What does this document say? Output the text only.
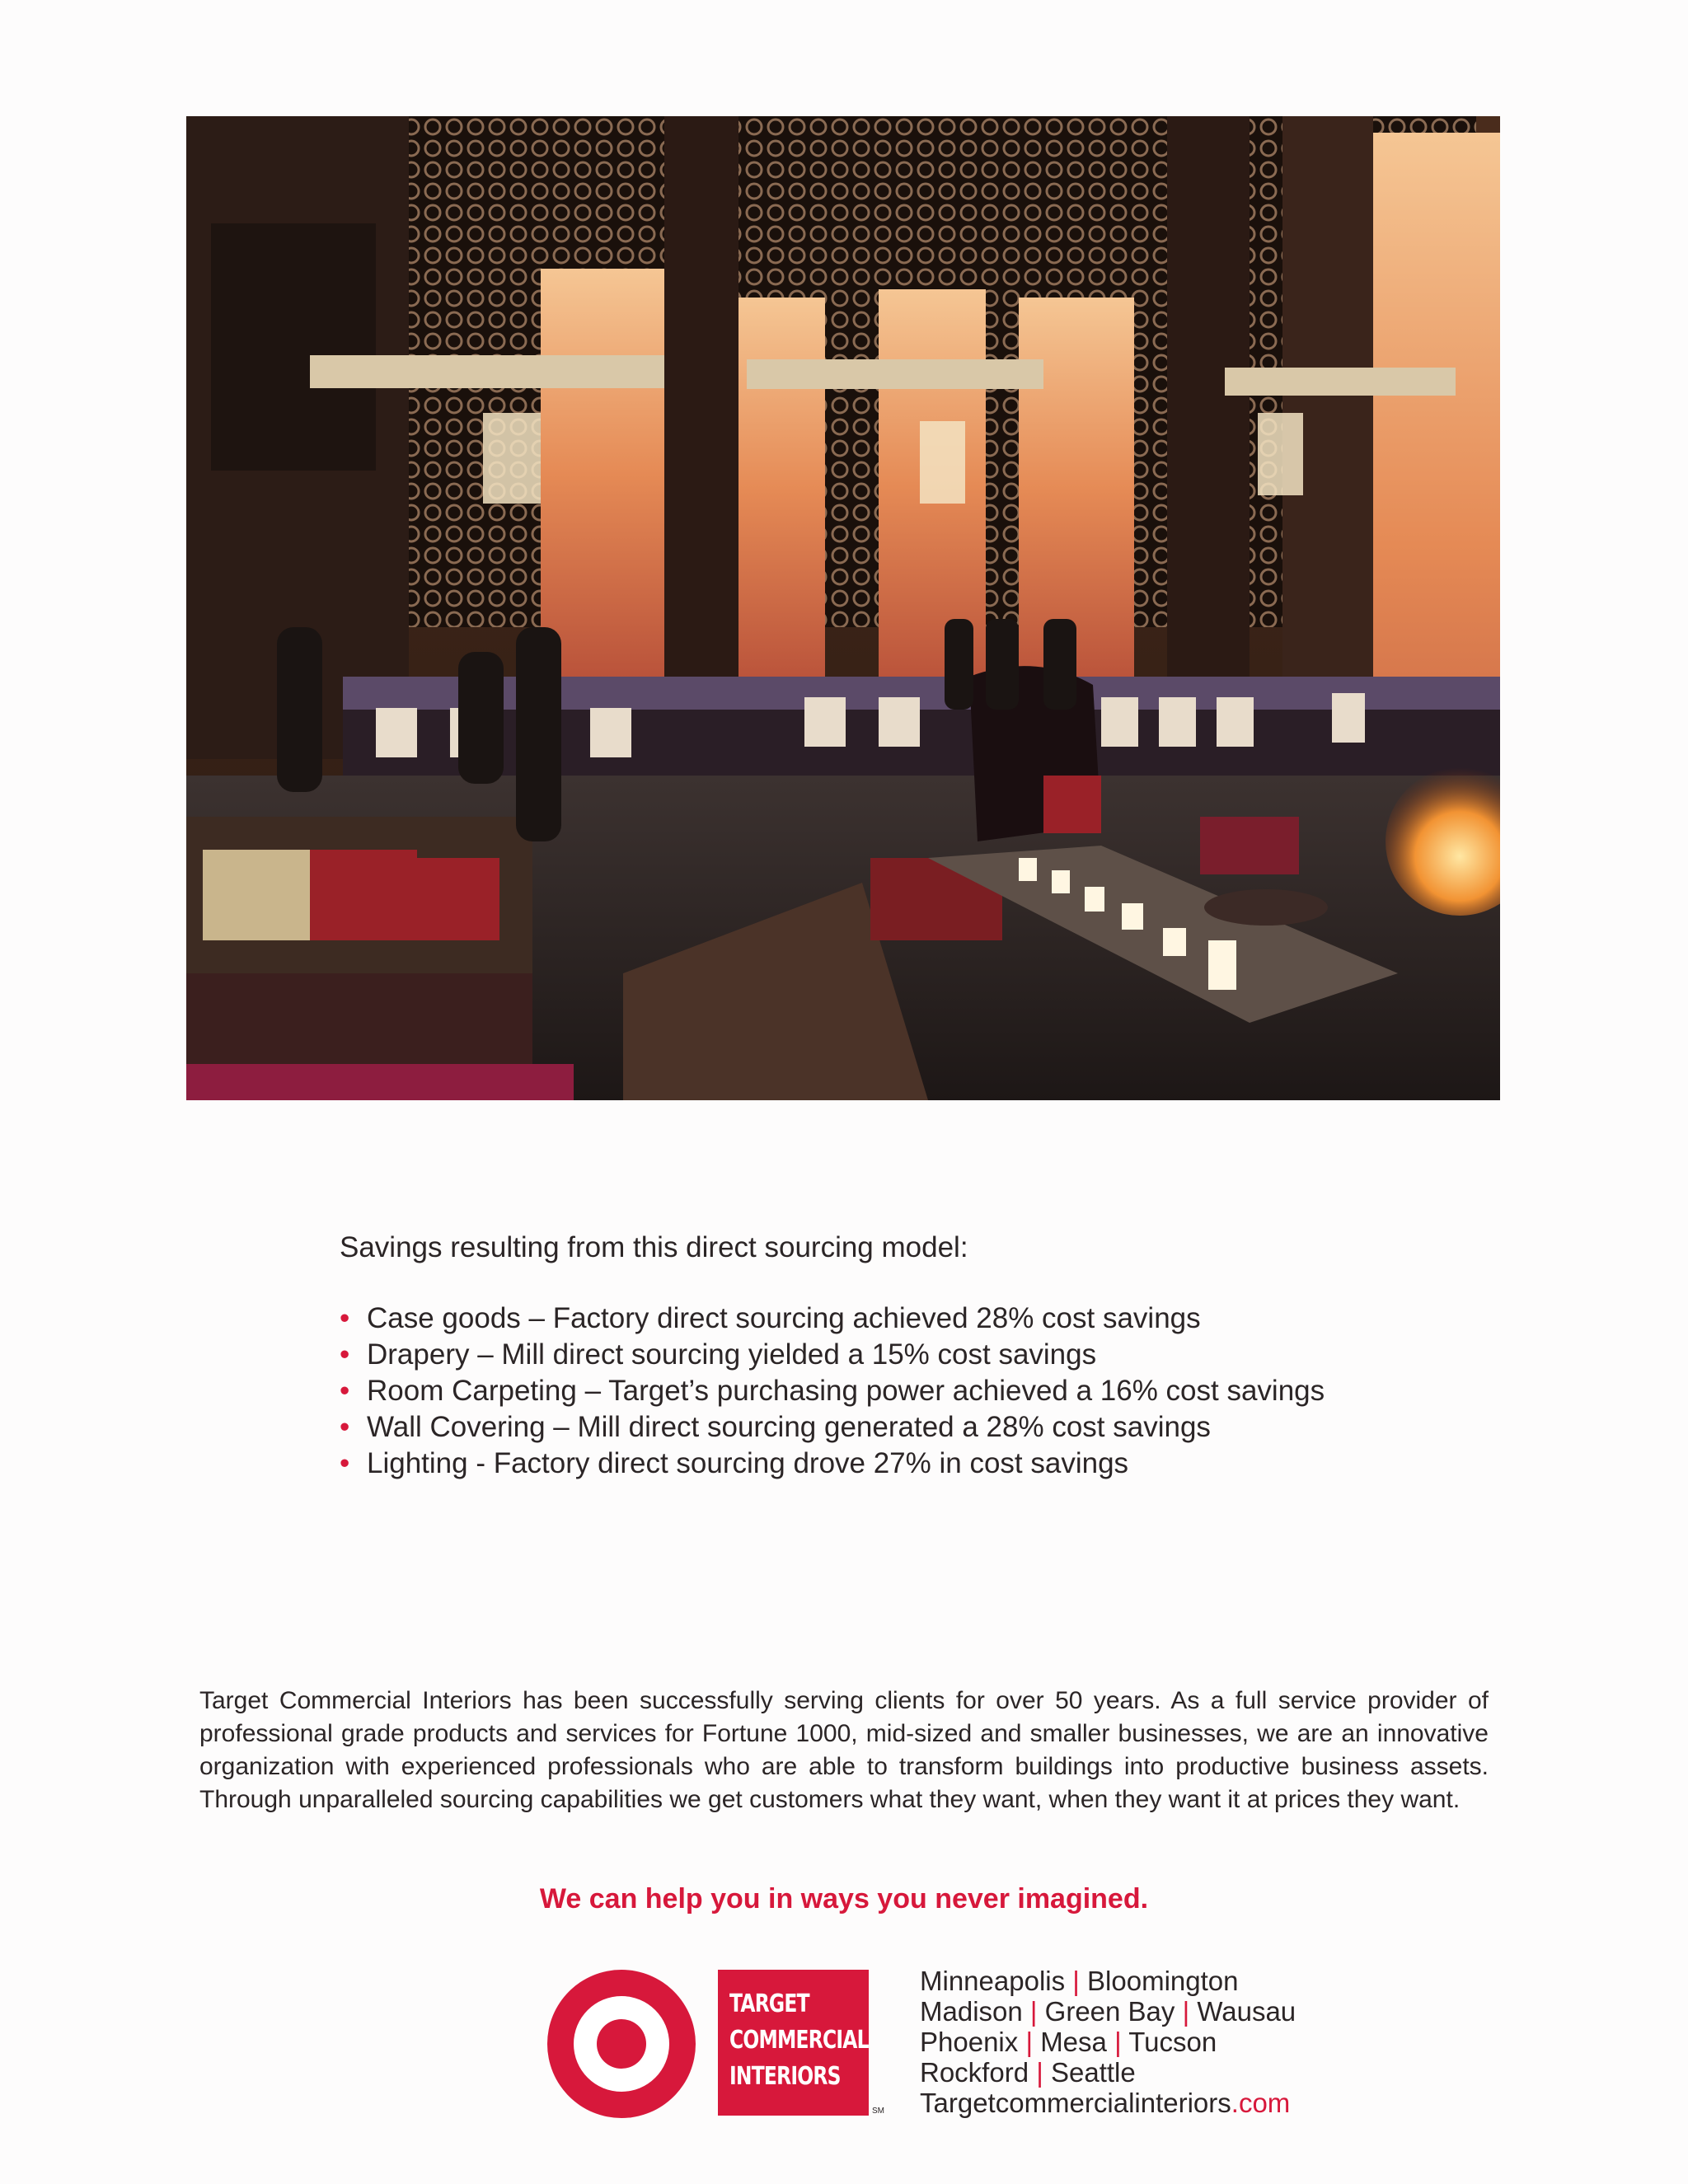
Savings resulting from this direct sourcing model:

• Case goods – Factory direct sourcing achieved 28% cost savings
• Drapery – Mill direct sourcing yielded a 15% cost savings
• Room Carpeting – Target’s purchasing power achieved a 16% cost savings
• Wall Covering – Mill direct sourcing generated a 28% cost savings
• Lighting - Factory direct sourcing drove 27% in cost savings

Target Commercial Interiors has been successfully serving clients for over 50 years. As a full service provider of professional grade products and services for Fortune 1000, mid-sized and smaller businesses, we are an innovative organization with experienced professionals who are able to transform buildings into productive business assets. Through unparalleled sourcing capabilities we get customers what they want, when they want it at prices they want.

We can help you in ways you never imagined.

TARGET
COMMERCIAL
INTERIORS
SM
Minneapolis | Bloomington
Madison | Green Bay | Wausau
Phoenix | Mesa | Tucson
Rockford | Seattle
Targetcommercialinteriors.com
